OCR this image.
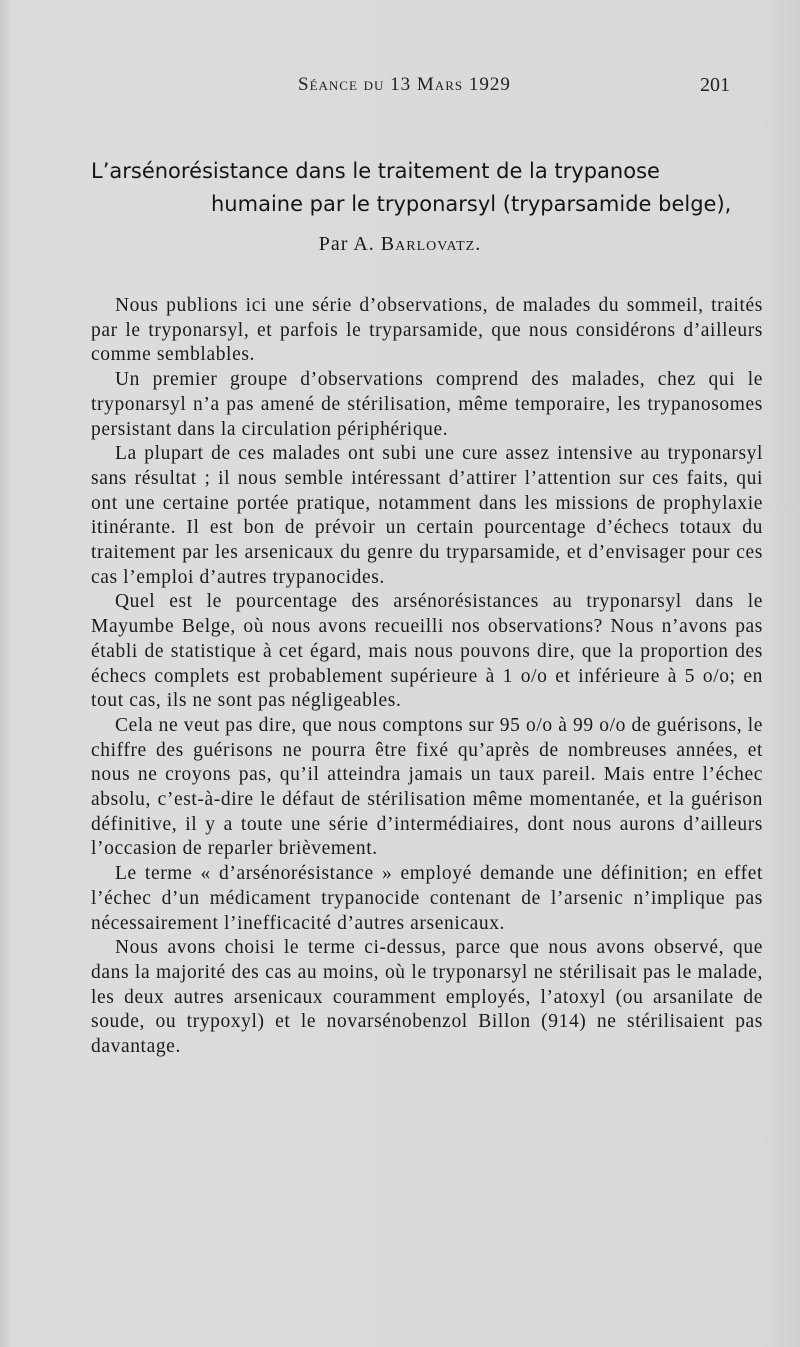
Séance du 13 Mars 1929	201
L’arsénorésistance dans le traitement de la trypanose
humaine par le tryponarsyl (tryparsamide belge),
Par A. Barlovatz.

Nous publions ici une série d’observations, de malades du sommeil, traités par le tryponarsyl, et parfois le tryparsamide, que nous considérons d’ailleurs comme semblables.

Un premier groupe d’observations comprend des malades, chez qui le tryponarsyl n’a pas amené de stérilisation, même temporaire, les trypanosomes persistant dans la circulation périphérique.

La plupart de ces malades ont subi une cure assez intensive au tryponarsyl sans résultat ; il nous semble intéressant d’attirer l’attention sur ces faits, qui ont une certaine portée pratique, notamment dans les missions de prophylaxie itinérante. Il est bon de prévoir un certain pourcentage d’échecs totaux du traitement par les arsenicaux du genre du tryparsamide, et d’envisager pour ces cas l’emploi d’autres trypanocides.

Quel est le pourcentage des arsénorésistances au tryponarsyl dans le Mayumbe Belge, où nous avons recueilli nos observations? Nous n’avons pas établi de statistique à cet égard, mais nous pouvons dire, que la proportion des échecs complets est probablement supérieure à 1 o/o et inférieure à 5 o/o; en tout cas, ils ne sont pas négligeables.

Cela ne veut pas dire, que nous comptons sur 95 o/o à 99 o/o de guérisons, le chiffre des guérisons ne pourra être fixé qu’après de nombreuses années, et nous ne croyons pas, qu’il atteindra jamais un taux pareil. Mais entre l’échec absolu, c’est-à-dire le défaut de stérilisation même momentanée, et la guérison définitive, il y a toute une série d’intermédiaires, dont nous aurons d’ailleurs l’occasion de reparler brièvement.

Le terme « d’arsénorésistance » employé demande une définition; en effet l’échec d’un médicament trypanocide contenant de l’arsenic n’implique pas nécessairement l’inefficacité d’autres arsenicaux.

Nous avons choisi le terme ci-dessus, parce que nous avons observé, que dans la majorité des cas au moins, où le tryponarsyl ne stérilisait pas le malade, les deux autres arsenicaux couramment employés, l’atoxyl (ou arsanilate de soude, ou trypoxyl) et le novarsénobenzol Billon (914) ne stérilisaient pas davantage.
